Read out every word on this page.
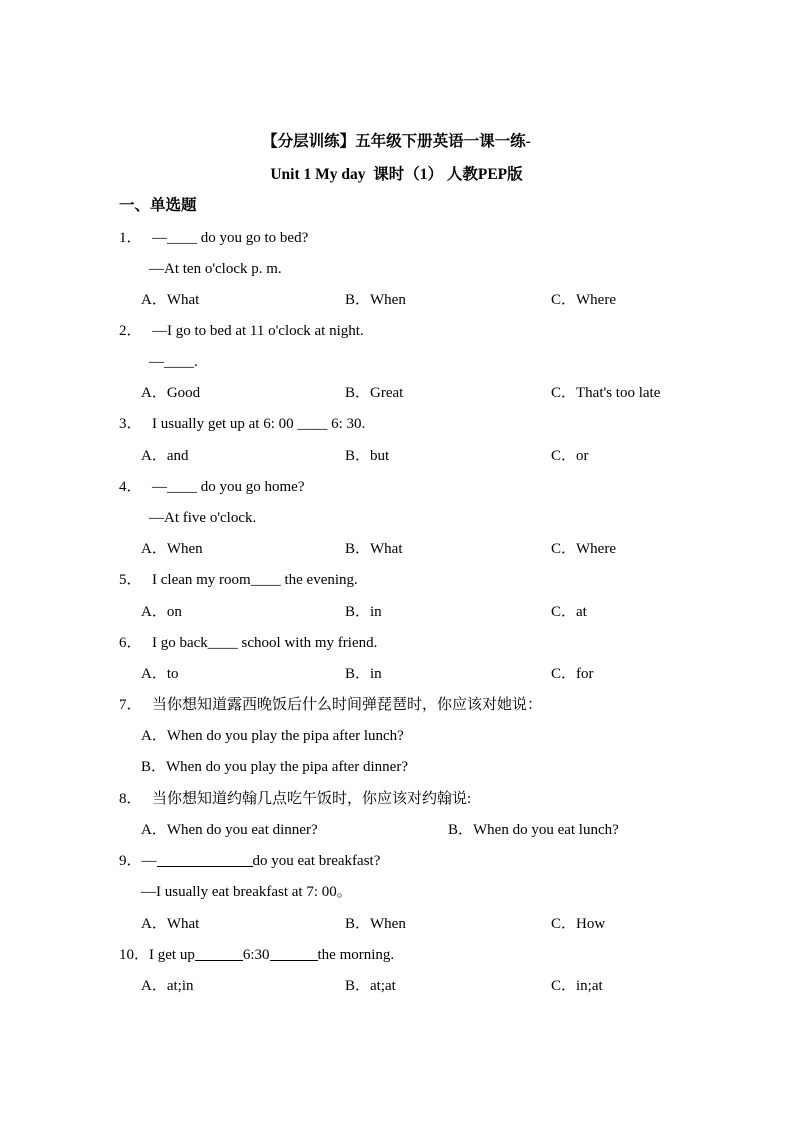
【分层训练】五年级下册英语一课一练-
Unit 1 My day  课时（1） 人教PEP版
一、单选题
1． —____ do you go to bed?
—At ten o'clock p. m.
A．What	B．When	C．Where
2． —I go to bed at 11 o'clock at night.
—____.
A．Good	B．Great	C．That's too late
3． I usually get up at 6: 00 ____ 6: 30.
A．and	B．but	C．or
4． —____ do you go home?
—At five o'clock.
A．When	B．What	C．Where
5． I clean my room____ the evening.
A．on	B．in	C．at
6． I go back____ school with my friend.
A．to	B．in	C．for
7． 当你想知道露西晚饭后什么时间弹琵琶时，你应该对她说：
A．When do you play the pipa after lunch?
B．When do you play the pipa after dinner?
8． 当你想知道约翰几点吃午饭时，你应该对约翰说:
A．When do you eat dinner?	B．When do you eat lunch?
9．—	do you eat breakfast?
—I usually eat breakfast at 7: 00。
A．What	B．When	C．How
10．I get up	6:30	the morning.
A．at;in	B．at;at	C．in;at
